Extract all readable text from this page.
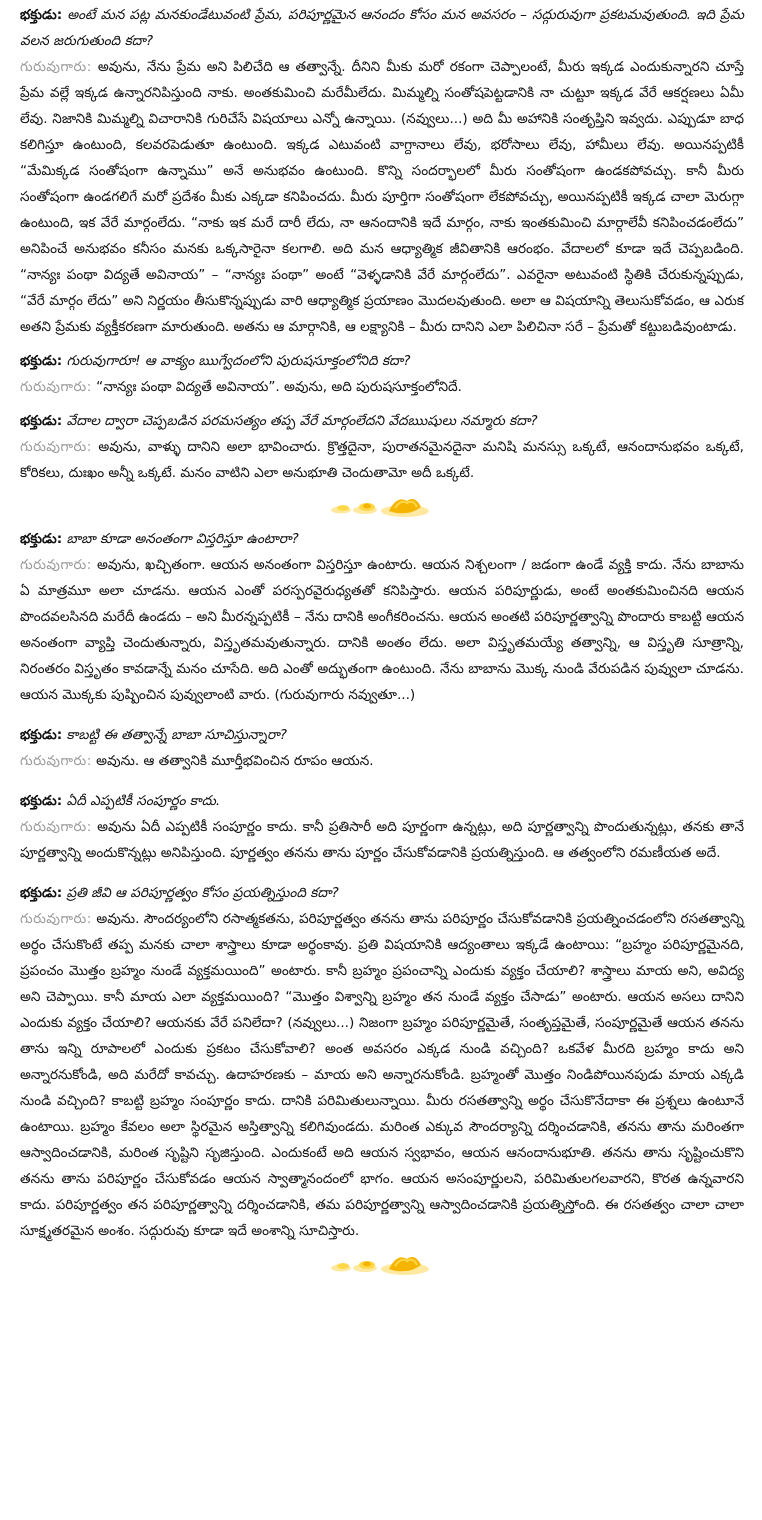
భక్తుడు: అంటే మన పట్ల మనకుండేటువంటి ప్రేమ, పరిపూర్ణమైన ఆనందం కోసం మన అవసరం – సద్గురువుగా ప్రకటమవుతుంది. ఇది ప్రేమ వలన జరుగుతుంది కదా?

గురువుగారు: అవును, నేను ప్రేమ అని పిలిచేది ఆ తత్వాన్నే. దీనిని మీకు మరో రకంగా చెప్పాలంటే, మీరు ఇక్కడ ఎందుకున్నారని చూస్తే ప్రేమ వల్లే ఇక్కడ ఉన్నారనిపిస్తుంది నాకు. అంతకుమించి మరేమీలేదు. మిమ్మల్ని సంతోషపెట్టడానికి నా చుట్టూ ఇక్కడ వేరే ఆకర్షణలు ఏమీ లేవు. నిజానికి మిమ్మల్ని విచారానికి గురిచేసే విషయాలు ఎన్నో ఉన్నాయి. (నవ్వులు...) అది మీ అహానికి సంతృప్తిని ఇవ్వదు. ఎప్పుడూ బాధ కలిగిస్తూ ఉంటుంది, కలవరపెడుతూ ఉంటుంది. ఇక్కడ ఎటువంటి వాగ్దానాలు లేవు, భరోసాలు లేవు, హామీలు లేవు. అయినప్పటికీ “మేమిక్కడ సంతోషంగా ఉన్నాము” అనే అనుభవం ఉంటుంది. కొన్ని సందర్భాలలో మీరు సంతోషంగా ఉండకపోవచ్చు. కానీ మీరు సంతోషంగా ఉండగలిగే మరో ప్రదేశం మీకు ఎక్కడా కనిపించదు. మీరు పూర్తిగా సంతోషంగా లేకపోవచ్చు, అయినప్పటికీ ఇక్కడ చాలా మెరుగ్గా ఉంటుంది, ఇక వేరే మార్గంలేదు. “నాకు ఇక మరే దారీ లేదు, నా ఆనందానికి ఇదే మార్గం, నాకు ఇంతకుమించి మార్గాలేవీ కనిపించడంలేదు” అనిపించే అనుభవం కనీసం మనకు ఒక్కసారైనా కలగాలి. అది మన ఆధ్యాత్మిక జీవితానికి ఆరంభం. వేదాలలో కూడా ఇదే చెప్పబడింది. “నాన్యః పంథా విద్యతే అవినాయ” – “నాన్యః పంథా” అంటే “వెళ్ళడానికి వేరే మార్గంలేదు”. ఎవరైనా అటువంటి స్థితికి చేరుకున్నప్పుడు, “వేరే మార్గం లేదు” అని నిర్ణయం తీసుకొన్నప్పుడు వారి ఆధ్యాత్మిక ప్రయాణం మొదలవుతుంది. అలా ఆ విషయాన్ని తెలుసుకోవడం, ఆ ఎరుక అతని ప్రేమకు వ్యక్తీకరణగా మారుతుంది. అతను ఆ మార్గానికి, ఆ లక్ష్యానికి – మీరు దానిని ఎలా పిలిచినా సరే – ప్రేమతో కట్టుబడివుంటాడు.

భక్తుడు: గురువుగారూ! ఆ వాక్యం ఋగ్వేదంలోని పురుషసూక్తంలోనిది కదా?

గురువుగారు: “నాన్యః పంథా విద్యతే అవినాయ”. అవును, అది పురుషసూక్తంలోనిదే.

భక్తుడు: వేదాల ద్వారా చెప్పబడిన పరమసత్యం తప్ప వేరే మార్గంలేదని వేదఋషులు నమ్మారు కదా?

గురువుగారు: అవును, వాళ్ళు దానిని అలా భావించారు. క్రొత్తదైనా, పురాతనమైనదైనా మనిషి మనస్సు ఒక్కటే, ఆనందానుభవం ఒక్కటే, కోరికలు, దుఃఖం అన్నీ ఒక్కటే. మనం వాటిని ఎలా అనుభూతి చెందుతామో అదీ ఒక్కటే.

భక్తుడు: బాబా కూడా అనంతంగా విస్తరిస్తూ ఉంటారా?

గురువుగారు: అవును, ఖచ్చితంగా. ఆయన అనంతంగా విస్తరిస్తూ ఉంటారు. ఆయన నిశ్చలంగా / జడంగా ఉండే వ్యక్తి కాదు. నేను బాబాను ఏ మాత్రమూ అలా చూడను. ఆయన ఎంతో పరస్పరవైరుధ్యతతో కనిపిస్తారు. ఆయన పరిపూర్ణుడు, అంటే అంతకుమించినది ఆయన పొందవలసినది మరేదీ ఉండదు – అని మీరన్నప్పటికీ – నేను దానికి అంగీకరించను. ఆయన అంతటి పరిపూర్ణత్వాన్ని పొందారు కాబట్టి ఆయన అనంతంగా వ్యాప్తి చెందుతున్నారు, విస్తృతమవుతున్నారు. దానికి అంతం లేదు. అలా విస్తృతమయ్యే తత్వాన్ని, ఆ విస్తృతి సూత్రాన్ని, నిరంతరం విస్తృతం కావడాన్నే మనం చూసేది. అది ఎంతో అద్భుతంగా ఉంటుంది. నేను బాబాను మొక్క నుండి వేరుపడిన పువ్వులా చూడను. ఆయన మొక్కకు పుష్పించిన పువ్వులాంటి వారు. (గురువుగారు నవ్వుతూ...)

భక్తుడు: కాబట్టి ఈ తత్వాన్నే బాబా సూచిస్తున్నారా?

గురువుగారు: అవును. ఆ తత్వానికి మూర్తీభవించిన రూపం ఆయన.

భక్తుడు: ఏదీ ఎప్పటికీ సంపూర్ణం కాదు.

గురువుగారు: అవును ఏదీ ఎప్పటికీ సంపూర్ణం కాదు. కానీ ప్రతిసారీ అది పూర్ణంగా ఉన్నట్లు, అది పూర్ణత్వాన్ని పొందుతున్నట్లు, తనకు తానే పూర్ణత్వాన్ని అందుకొన్నట్లు అనిపిస్తుంది. పూర్ణత్వం తనను తాను పూర్ణం చేసుకోవడానికి ప్రయత్నిస్తుంది. ఆ తత్వంలోని రమణీయత అదే.

భక్తుడు: ప్రతి జీవి ఆ పరిపూర్ణత్వం కోసం ప్రయత్నిస్తుంది కదా?

గురువుగారు: అవును. సౌందర్యంలోని రసాత్మకతను, పరిపూర్ణత్వం తనను తాను పరిపూర్ణం చేసుకోవడానికి ప్రయత్నించడంలోని రసతత్వాన్ని అర్థం చేసుకొంటే తప్ప మనకు చాలా శాస్త్రాలు కూడా అర్థంకావు. ప్రతి విషయానికి ఆద్యంతాలు ఇక్కడే ఉంటాయి: “బ్రహ్మం పరిపూర్ణమైనది, ప్రపంచం మొత్తం బ్రహ్మం నుండే వ్యక్తమయింది” అంటారు. కానీ బ్రహ్మం ప్రపంచాన్ని ఎందుకు వ్యక్తం చేయాలి? శాస్త్రాలు మాయ అని, అవిద్య అని చెప్పాయి. కానీ మాయ ఎలా వ్యక్తమయింది? “మొత్తం విశ్వాన్ని బ్రహ్మం తన నుండే వ్యక్తం చేసాడు” అంటారు. ఆయన అసలు దానిని ఎందుకు వ్యక్తం చేయాలి? ఆయనకు వేరే పనిలేదా? (నవ్వులు...) నిజంగా బ్రహ్మం పరిపూర్ణమైతే, సంతృప్తమైతే, సంపూర్ణమైతే ఆయన తనను తాను ఇన్ని రూపాలలో ఎందుకు ప్రకటం చేసుకోవాలి? అంత అవసరం ఎక్కడ నుండి వచ్చింది? ఒకవేళ మీరది బ్రహ్మం కాదు అని అన్నారనుకోండి, అది మరేదో కావచ్చు. ఉదాహరణకు – మాయ అని అన్నారనుకోండి. బ్రహ్మంతో మొత్తం నిండిపోయినపుడు మాయ ఎక్కడి నుండి వచ్చింది? కాబట్టి బ్రహ్మం సంపూర్ణం కాదు. దానికి పరిమితులున్నాయి. మీరు రసతత్వాన్ని అర్థం చేసుకొనేదాకా ఈ ప్రశ్నలు ఉంటూనే ఉంటాయి. బ్రహ్మం కేవలం అలా స్థిరమైన అస్తిత్వాన్ని కలిగివుండదు. మరింత ఎక్కువ సౌందర్యాన్ని దర్శించడానికి, తనను తాను మరింతగా ఆస్వాదించడానికి, మరింత సృష్టిని సృజిస్తుంది. ఎందుకంటే అది ఆయన స్వభావం, ఆయన ఆనందానుభూతి. తనను తాను సృష్టించుకొని తనను తాను పరిపూర్ణం చేసుకోవడం ఆయన స్వాత్మానందంలో భాగం. ఆయన అసంపూర్ణులని, పరిమితులగలవారని, కొరత ఉన్నవారని కాదు. పరిపూర్ణత్వం తన పరిపూర్ణత్వాన్ని దర్శించడానికి, తమ పరిపూర్ణత్వాన్ని ఆస్వాదించడానికి ప్రయత్నిస్తోంది. ఈ రసతత్వం చాలా చాలా సూక్ష్మతరమైన అంశం. సద్గురువు కూడా ఇదే అంశాన్ని సూచిస్తారు.
